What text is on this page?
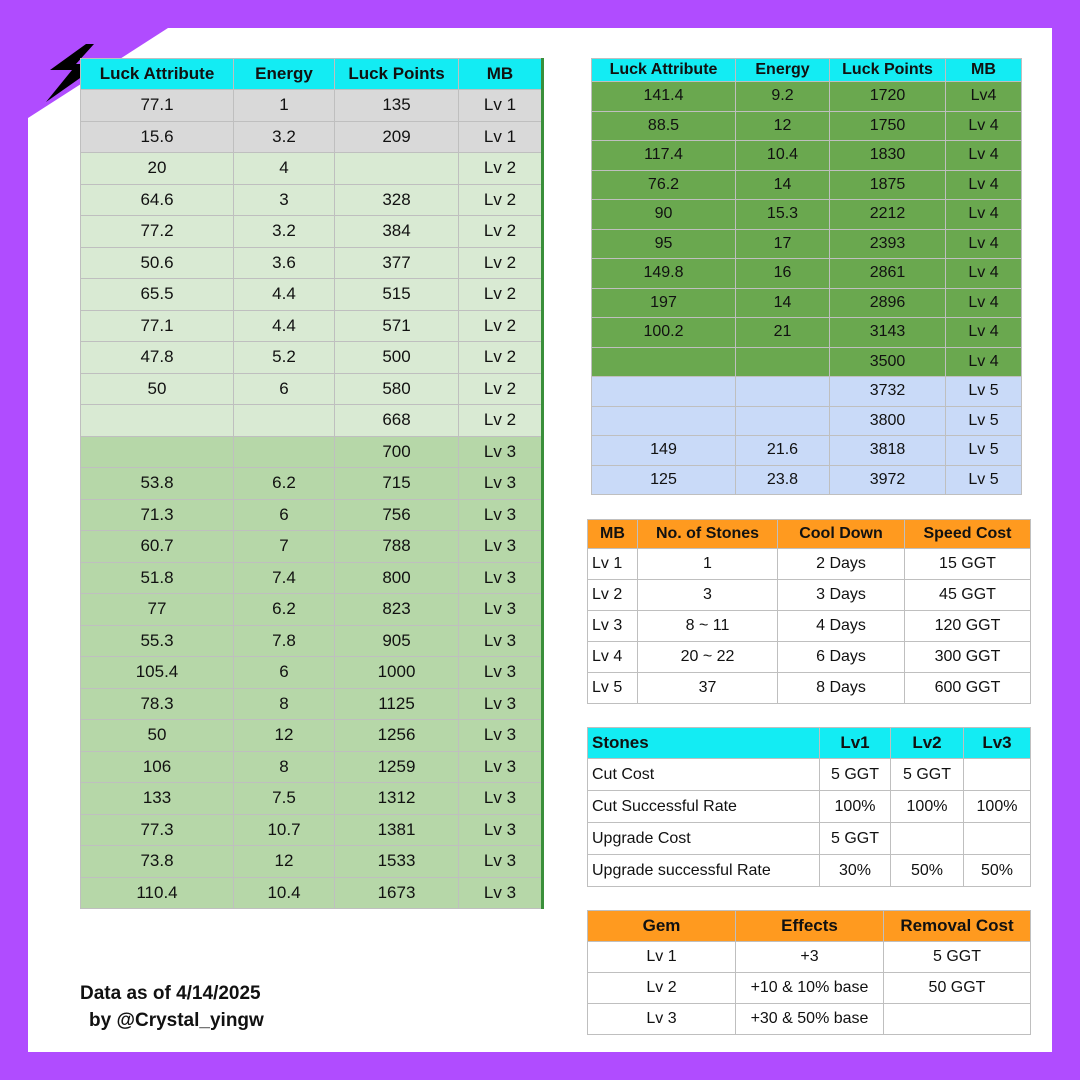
Luck Attribute	Energy	Luck Points	MB
77.1	1	135	Lv 1
15.6	3.2	209	Lv 1
20	4		Lv 2
64.6	3	328	Lv 2
77.2	3.2	384	Lv 2
50.6	3.6	377	Lv 2
65.5	4.4	515	Lv 2
77.1	4.4	571	Lv 2
47.8	5.2	500	Lv 2
50	6	580	Lv 2
		668	Lv 2
		700	Lv 3
53.8	6.2	715	Lv 3
71.3	6	756	Lv 3
60.7	7	788	Lv 3
51.8	7.4	800	Lv 3
77	6.2	823	Lv 3
55.3	7.8	905	Lv 3
105.4	6	1000	Lv 3
78.3	8	1125	Lv 3
50	12	1256	Lv 3
106	8	1259	Lv 3
133	7.5	1312	Lv 3
77.3	10.7	1381	Lv 3
73.8	12	1533	Lv 3
110.4	10.4	1673	Lv 3
Luck Attribute	Energy	Luck Points	MB
141.4	9.2	1720	Lv4
88.5	12	1750	Lv 4
117.4	10.4	1830	Lv 4
76.2	14	1875	Lv 4
90	15.3	2212	Lv 4
95	17	2393	Lv 4
149.8	16	2861	Lv 4
197	14	2896	Lv 4
100.2	21	3143	Lv 4
		3500	Lv 4
		3732	Lv 5
		3800	Lv 5
149	21.6	3818	Lv 5
125	23.8	3972	Lv 5
MB	No. of Stones	Cool Down	Speed Cost
Lv 1	1	2 Days	15 GGT
Lv 2	3	3 Days	45 GGT
Lv 3	8 ~ 11	4 Days	120 GGT
Lv 4	20 ~ 22	6 Days	300 GGT
Lv 5	37	8 Days	600 GGT
Stones	Lv1	Lv2	Lv3
Cut Cost	5 GGT	5 GGT	
Cut Successful Rate	100%	100%	100%
Upgrade Cost	5 GGT		
Upgrade successful Rate	30%	50%	50%
Gem	Effects	Removal Cost
Lv 1	+3	5 GGT
Lv 2	+10 & 10% base	50 GGT
Lv 3	+30 & 50% base	
Data as of 4/14/2025
by @Crystal_yingw
